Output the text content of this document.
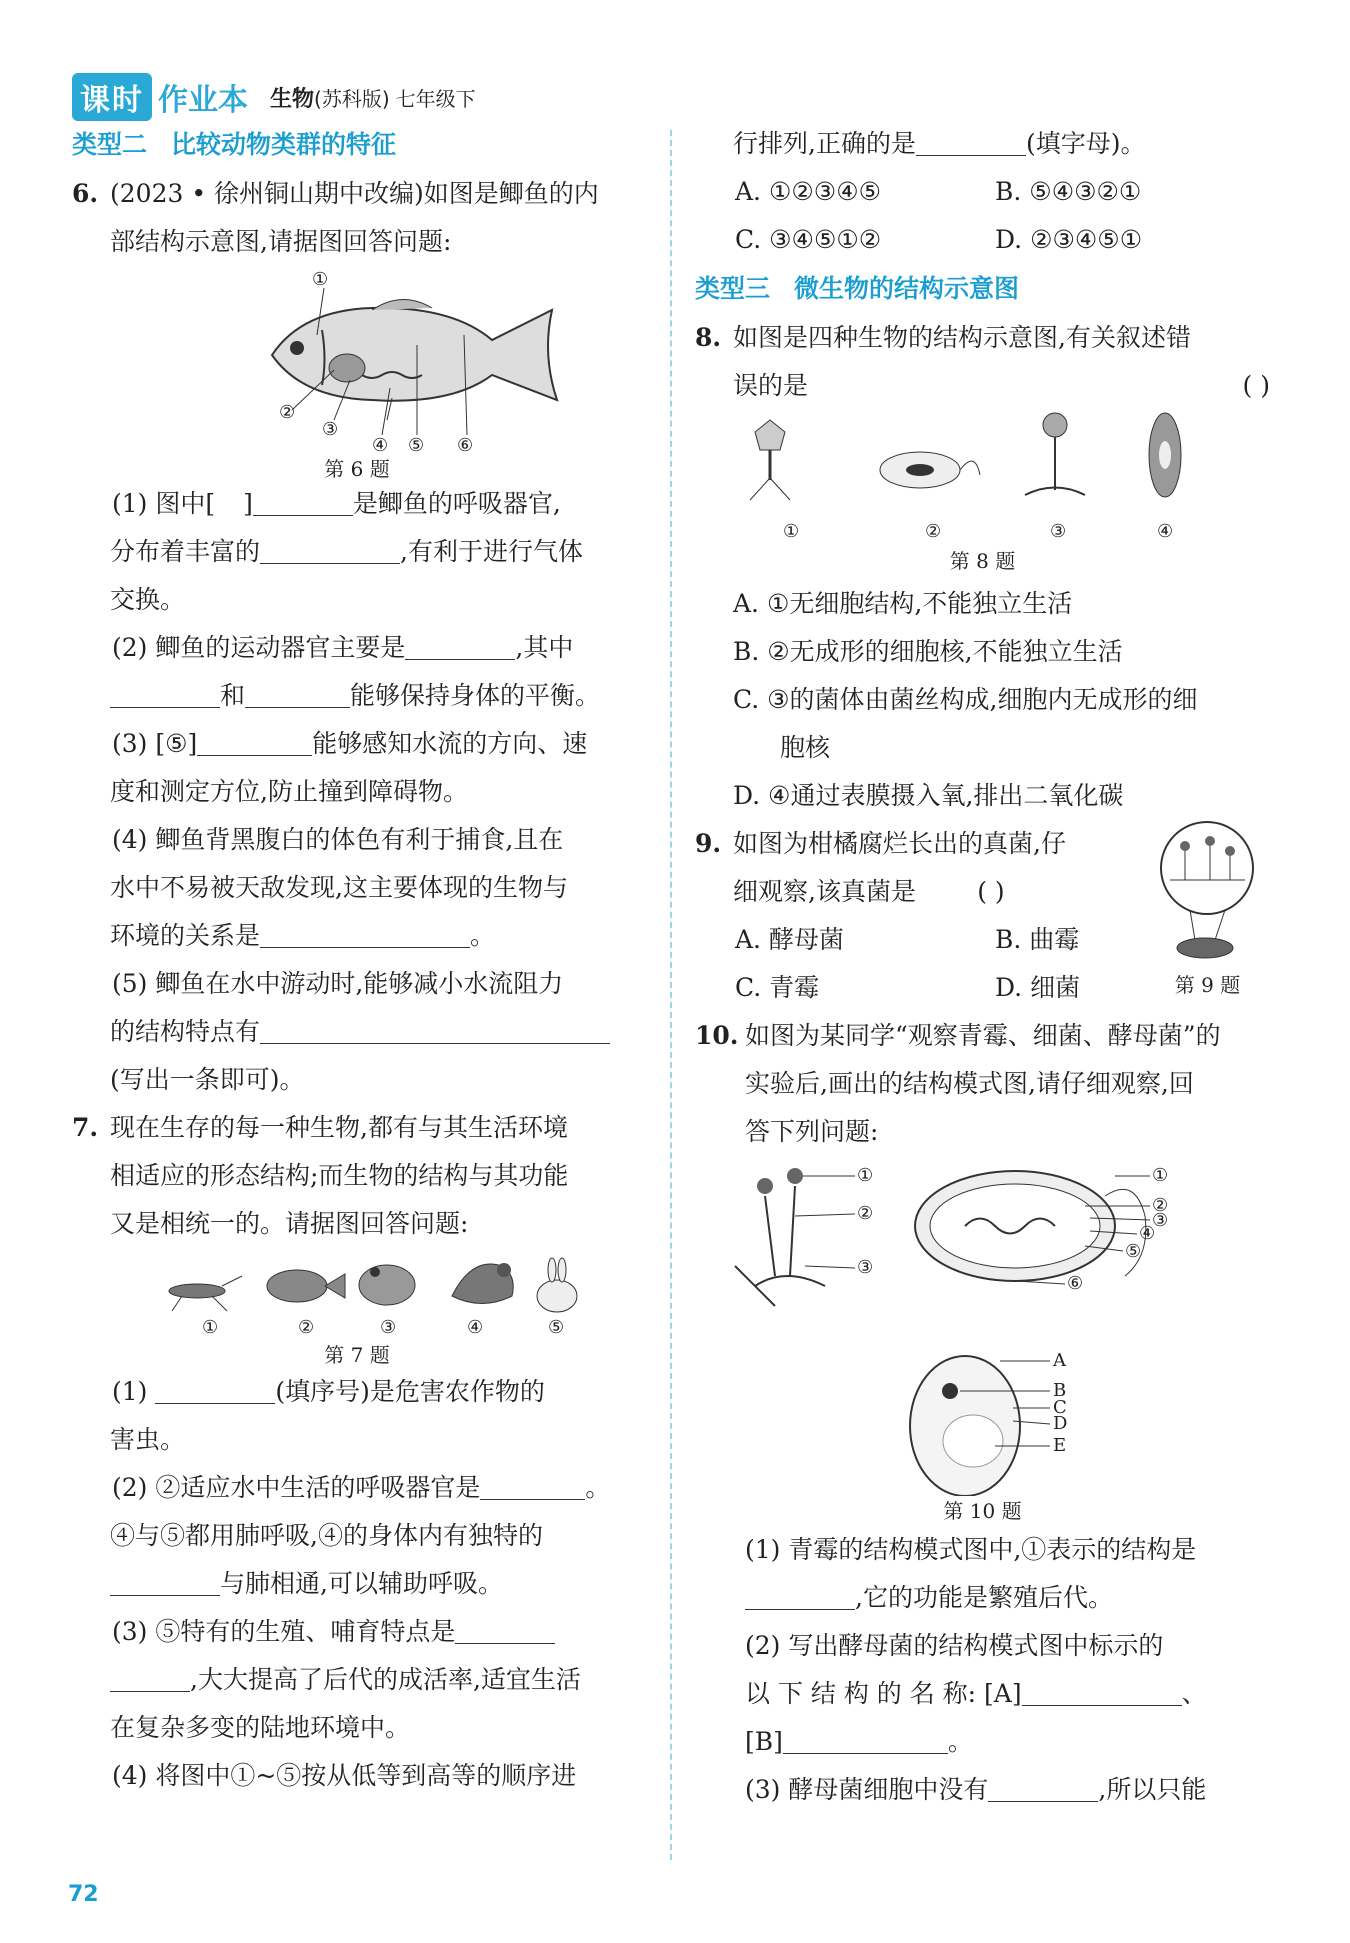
课时 作业本 生物 (苏科版) 七年级下
类型二 比较动物类群的特征
6. (2023 • 徐州铜山期中改编)如图是鲫鱼的内
部结构示意图,请据图回答问题:
①
②
③
④ ⑤ ⑥
第 6 题
(1) 图中[ ]	是鲫鱼的呼吸器官,
分布着丰富的	,有利于进行气体
交换。
(2) 鲫鱼的运动器官主要是	,其中
和	能够保持身体的平衡。
(3) [⑤]	能够感知水流的方向、速
度和测定方位,防止撞到障碍物。
(4) 鲫鱼背黑腹白的体色有利于捕食,且在
水中不易被天敌发现,这主要体现的生物与
环境的关系是	。
(5) 鲫鱼在水中游动时,能够减小水流阻力
的结构特点有
(写出一条即可)。
7. 现在生存的每一种生物,都有与其生活环境
相适应的形态结构;而生物的结构与其功能
又是相统一的。请据图回答问题:
①	②	③	④	⑤
第 7 题
(1)	(填序号)是危害农作物的
害虫。
(2) ②适应水中生活的呼吸器官是	。
④与⑤都用肺呼吸,④的身体内有独特的
与肺相通,可以辅助呼吸。
(3) ⑤特有的生殖、哺育特点是
,大大提高了后代的成活率,适宜生活
在复杂多变的陆地环境中。
(4) 将图中①~⑤按从低等到高等的顺序进
行排列,正确的是	(填字母)。
A. ①②③④⑤	B. ⑤④③②①
C. ③④⑤①②	D. ②③④⑤①
类型三 微生物的结构示意图
8. 如图是四种生物的结构示意图,有关叙述错
误的是	( )
①	②	③	④
第 8 题
A. ①无细胞结构,不能独立生活
B. ②无成形的细胞核,不能独立生活
C. ③的菌体由菌丝构成,细胞内无成形的细
胞核
D. ④通过表膜摄入氧,排出二氧化碳
9. 如图为柑橘腐烂长出的真菌,仔
细观察,该真菌是 ( )
A. 酵母菌	B. 曲霉
C. 青霉	D. 细菌	第 9 题
10. 如图为某同学“观察青霉、细菌、酵母菌”的
实验后,画出的结构模式图,请仔细观察,回
答下列问题:
①
②
③
①
②
③
④
⑤
⑥
A
B
C
D
E
第 10 题
(1) 青霉的结构模式图中,①表示的结构是
,它的功能是繁殖后代。
(2) 写出酵母菌的结构模式图中标示的
以 下 结 构 的 名 称: [A]	、
[B]	。
(3) 酵母菌细胞中没有	,所以只能
72
